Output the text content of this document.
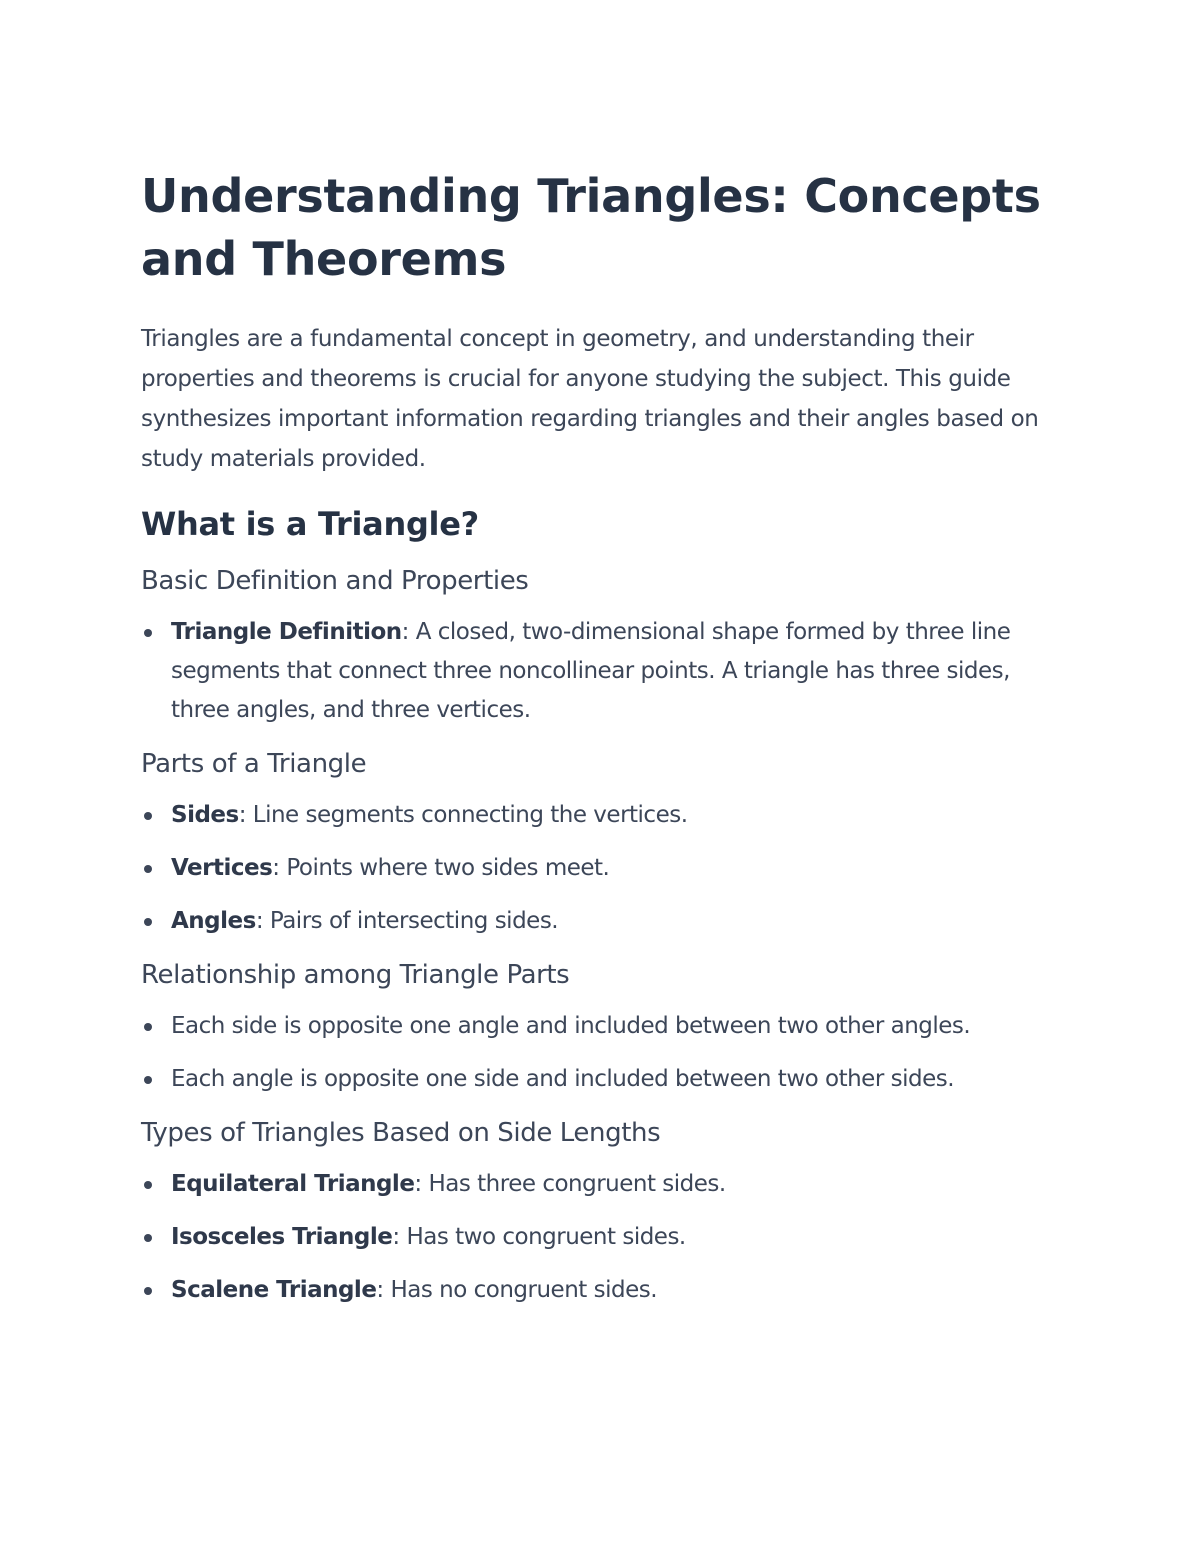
Understanding Triangles: Concepts and Theorems

Triangles are a fundamental concept in geometry, and understanding their properties and theorems is crucial for anyone studying the subject. This guide synthesizes important information regarding triangles and their angles based on study materials provided.

What is a Triangle?
Basic Definition and Properties
Triangle Definition: A closed, two-dimensional shape formed by three line segments that connect three noncollinear points. A triangle has three sides, three angles, and three vertices.
Parts of a Triangle
Sides: Line segments connecting the vertices.
Vertices: Points where two sides meet.
Angles: Pairs of intersecting sides.
Relationship among Triangle Parts
Each side is opposite one angle and included between two other angles.
Each angle is opposite one side and included between two other sides.
Types of Triangles Based on Side Lengths
Equilateral Triangle: Has three congruent sides.
Isosceles Triangle: Has two congruent sides.
Scalene Triangle: Has no congruent sides.
